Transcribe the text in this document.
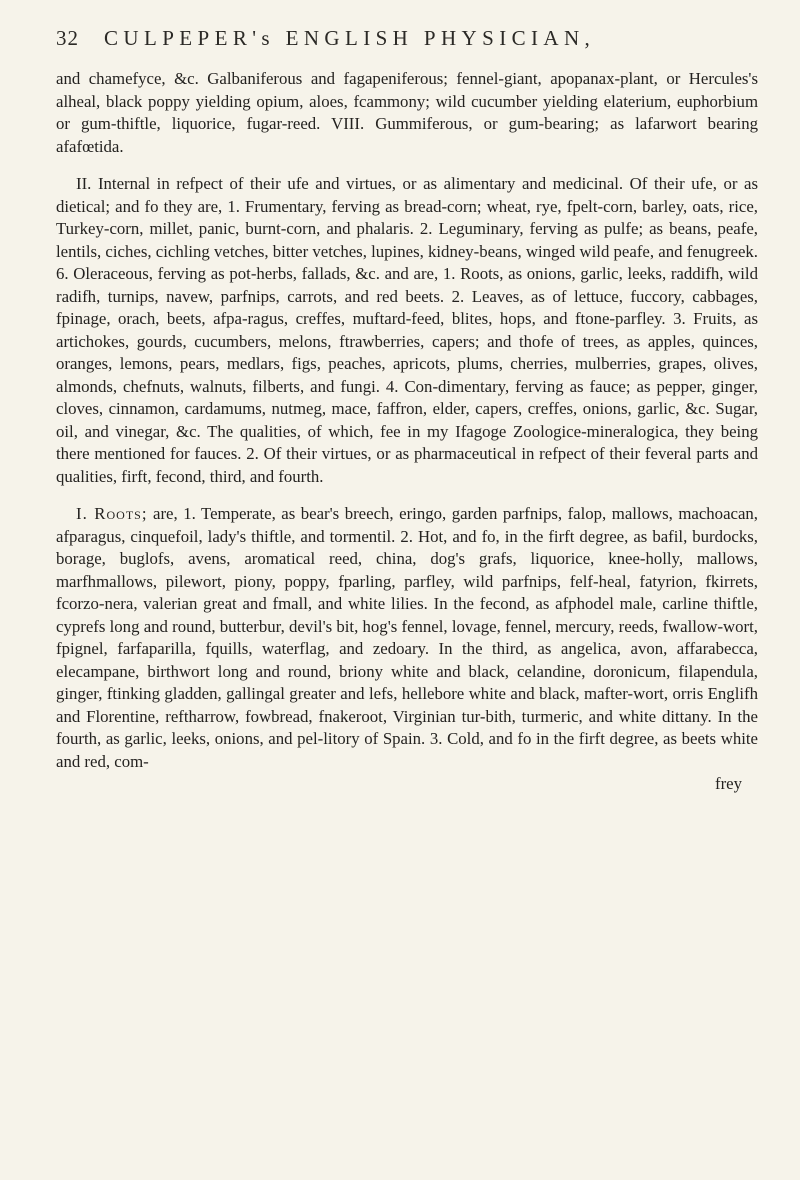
32	CULPEPER's ENGLISH PHYSICIAN,

and chamefyce, &c. Galbaniferous and fagapeniferous; fennel-giant, apopanax-plant, or Hercules's alheal, black poppy yielding opium, aloes, fcammony; wild cucumber yielding elaterium, euphorbium or gum-thiftle, liquorice, fugar-reed. VIII. Gummiferous, or gum-bearing; as lafarwort bearing afafœtida.

II. Internal in refpect of their ufe and virtues, or as alimentary and medicinal. Of their ufe, or as dietical; and fo they are, 1. Frumentary, ferving as bread-corn; wheat, rye, fpelt-corn, barley, oats, rice, Turkey-corn, millet, panic, burnt-corn, and phalaris. 2. Leguminary, ferving as pulfe; as beans, peafe, lentils, ciches, cichling vetches, bitter vetches, lupines, kidney-beans, winged wild peafe, and fenugreek. 6. Oleraceous, ferving as pot-herbs, fallads, &c. and are, 1. Roots, as onions, garlic, leeks, raddifh, wild radifh, turnips, navew, parfnips, carrots, and red beets. 2. Leaves, as of lettuce, fuccory, cabbages, fpinage, orach, beets, afpa-ragus, creffes, muftard-feed, blites, hops, and ftone-parfley. 3. Fruits, as artichokes, gourds, cucumbers, melons, ftrawberries, capers; and thofe of trees, as apples, quinces, oranges, lemons, pears, medlars, figs, peaches, apricots, plums, cherries, mulberries, grapes, olives, almonds, chefnuts, walnuts, filberts, and fungi. 4. Con-dimentary, ferving as fauce; as pepper, ginger, cloves, cinnamon, cardamums, nutmeg, mace, faffron, elder, capers, creffes, onions, garlic, &c. Sugar, oil, and vinegar, &c. The qualities, of which, fee in my Ifagoge Zoologice-mineralogica, they being there mentioned for fauces. 2. Of their virtues, or as pharmaceutical in refpect of their feveral parts and qualities, firft, fecond, third, and fourth.

I. Roots; are, 1. Temperate, as bear's breech, eringo, garden parfnips, falop, mallows, machoacan, afparagus, cinquefoil, lady's thiftle, and tormentil. 2. Hot, and fo, in the firft degree, as bafil, burdocks, borage, buglofs, avens, aromatical reed, china, dog's grafs, liquorice, knee-holly, mallows, marfhmallows, pilewort, piony, poppy, fparling, parfley, wild parfnips, felf-heal, fatyrion, fkirrets, fcorzo-nera, valerian great and fmall, and white lilies. In the fecond, as afphodel male, carline thiftle, cyprefs long and round, butterbur, devil's bit, hog's fennel, lovage, fennel, mercury, reeds, fwallow-wort, fpignel, farfaparilla, fquills, waterflag, and zedoary. In the third, as angelica, avon, affarabecca, elecampane, birthwort long and round, briony white and black, celandine, doronicum, filapendula, ginger, ftinking gladden, gallingal greater and lefs, hellebore white and black, mafter-wort, orris Englifh and Florentine, reftharrow, fowbread, fnakeroot, Virginian tur-bith, turmeric, and white dittany. In the fourth, as garlic, leeks, onions, and pel-litory of Spain. 3. Cold, and fo in the firft degree, as beets white and red, com-

frey
